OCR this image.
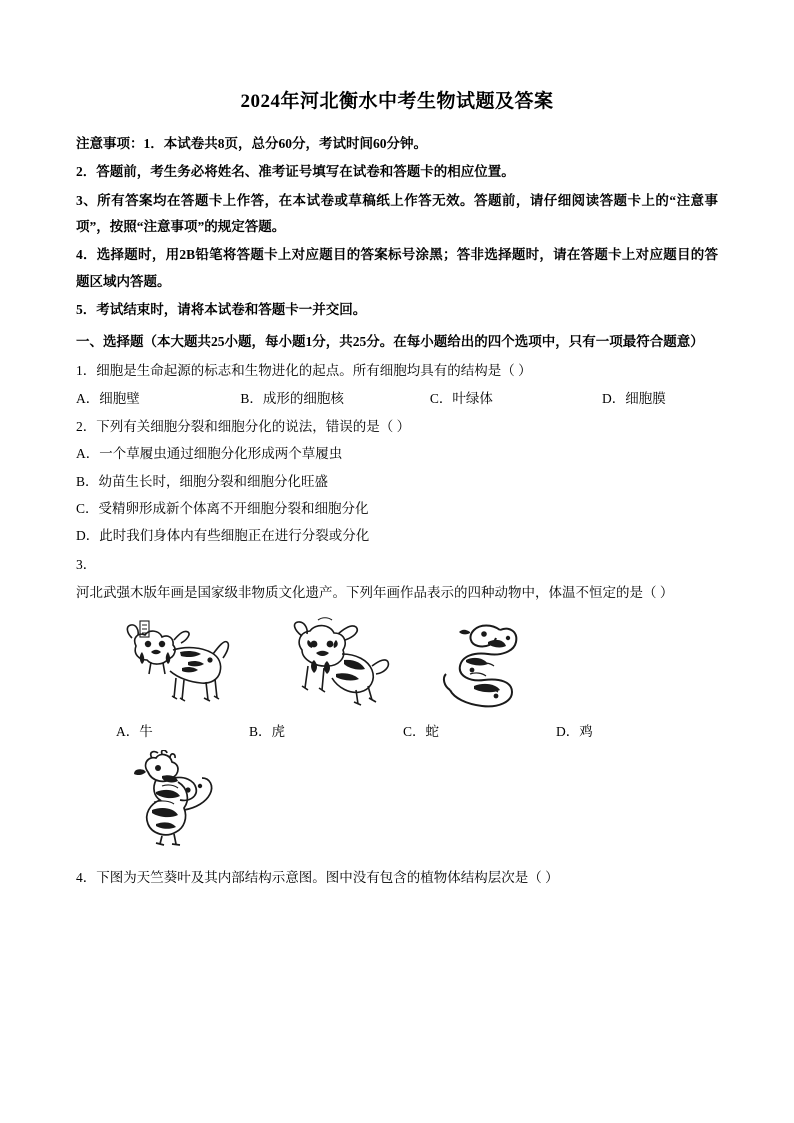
2024年河北衡水中考生物试题及答案
注意事项：1．本试卷共8页，总分60分，考试时间60分钟。
2．答题前，考生务必将姓名、准考证号填写在试卷和答题卡的相应位置。
3、所有答案均在答题卡上作答，在本试卷或草稿纸上作答无效。答题前，请仔细阅读答题卡上的“注意事项”，按照“注意事项”的规定答题。
4．选择题时，用2B铅笔将答题卡上对应题目的答案标号涂黑；答非选择题时，请在答题卡上对应题目的答题区域内答题。
5．考试结束时，请将本试卷和答题卡一并交回。
一、选择题（本大题共25小题，每小题1分，共25分。在每小题给出的四个选项中，只有一项最符合题意）
1．细胞是生命起源的标志和生物进化的起点。所有细胞均具有的结构是（ ）
A．细胞壁	B．成形的细胞核	C．叶绿体	D．细胞膜
2．下列有关细胞分裂和细胞分化的说法，错误的是（ ）
A．一个草履虫通过细胞分化形成两个草履虫
B．幼苗生长时，细胞分裂和细胞分化旺盛
C．受精卵形成新个体离不开细胞分裂和细胞分化
D．此时我们身体内有些细胞正在进行分裂或分化
3．
河北武强木版年画是国家级非物质文化遗产。下列年画作品表示的四种动物中，体温不恒定的是（ ）
A．牛	B．虎	C．蛇	D．鸡
4．下图为天竺葵叶及其内部结构示意图。图中没有包含的植物体结构层次是（ ）
